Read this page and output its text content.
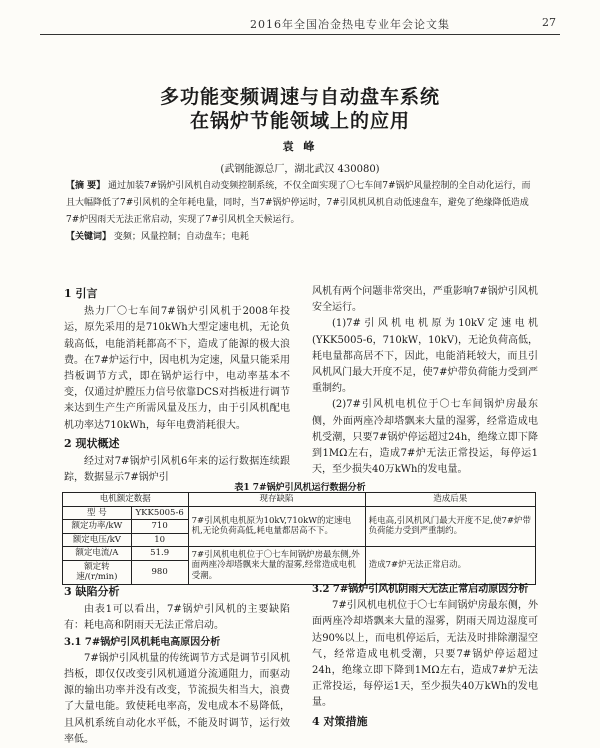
2016年全国冶金热电专业年会论文集	27
多功能变频调速与自动盘车系统
在锅炉节能领域上的应用
袁 峰
(武钢能源总厂，湖北武汉 430080)
【摘 要】 通过加装7#锅炉引风机自动变频控制系统，不仅全面实现了〇七车间7#锅炉风量控制的全自动化运行，而且大幅降低了7#引风机的全年耗电量，同时，当7#锅炉停运时，7#引风机风机自动低速盘车，避免了绝缘降低造成7#炉因雨天无法正常启动，实现了7#引风机全天候运行。
【关键词】 变频；风量控制；自动盘车；电耗
1 引言

热力厂〇七车间7#锅炉引风机于2008年投运，原先采用的是710kWh大型定速电机，无论负载高低，电能消耗都高不下，造成了能源的极大浪费。在7#炉运行中，因电机为定速，风量只能采用挡板调节方式，即在锅炉运行中，电动率基本不变，仅通过炉膛压力信号依靠DCS对挡板进行调节来达到生产生产所需风量及压力，由于引风机配电机功率达710kWh，每年电费消耗很大。

2 现状概述

经过对7#锅炉引风机6年来的运行数据连续跟踪，数据显示7#锅炉引

风机有两个问题非常突出，严重影响7#锅炉引风机安全运行。

(1)7#引风机电机原为10kV定速电机(YKK5005-6，710kW，10kV)，无论负荷高低，耗电量都高居不下，因此，电能消耗较大，而且引风机风门最大开度不足，使7#炉带负荷能力受到严重制约。

(2)7#引风机电机位于〇七车间锅炉房最东侧，外面两座冷却塔飘来大量的湿雾，经常造成电机受潮，只要7#锅炉停运超过24h，绝缘立即下降到1MΩ左右，造成7#炉无法正常投运，每停运1天，至少损失40万kWh的发电量。

表1 7#锅炉引风机运行数据分析
电机额定数据		现存缺陷	造成后果
型 号	YKK5005-6	7#引风机电机原为10kV,710kW的定速电机,无论负荷高低,耗电量都居高不下。	耗电高,引风机风门最大开度不足,使7#炉带负荷能力受到严重制约。
额定功率/kW	710		
额定电压/kV	10		
额定电流/A	51.9	7#引风机电机位于〇七车间锅炉房最东侧,外面两座冷却塔飘来大量的湿雾,经常造成电机受潮。	造成7#炉无法正常启动。
额定转速/(r/min)	980		
3 缺陷分析

由表1可以看出，7#锅炉引风机的主要缺陷有：耗电高和阴雨天无法正常启动。

3.1 7#锅炉引风机耗电高原因分析

7#锅炉引风机量的传统调节方式是调节引风机挡板，即仅仅改变引风机通道分流通阻力，而驱动源的输出功率并没有改变，节流损失相当大，浪费了大量电能。致使耗电率高，发电成本不易降低，且风机系统自动化水平低，不能及时调节，运行效率低。

3.2 7#锅炉引风机阴雨天无法正常启动原因分析

7#引风机电机位于〇七车间锅炉房最东侧，外面两座冷却塔飘来大量的湿雾，阴雨天周边湿度可达90%以上，而电机停运后，无法及时排除潮湿空气，经常造成电机受潮，只要7#锅炉停运超过24h，绝缘立即下降到1MΩ左右，造成7#炉无法正常投运，每停运1天，至少损失40万kWh的发电量。

4 对策措施
